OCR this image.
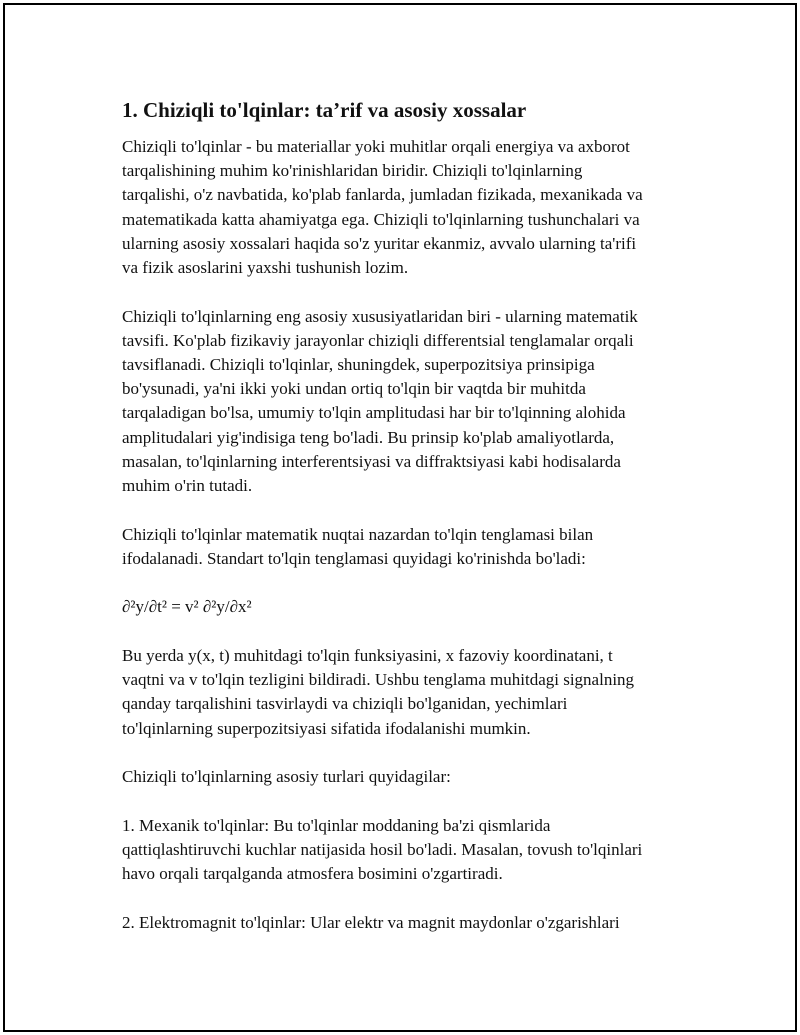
1. Chiziqli to'lqinlar: ta’rif va asosiy xossalar
Chiziqli to'lqinlar - bu materiallar yoki muhitlar orqali energiya va axborot
tarqalishining muhim ko'rinishlaridan biridir. Chiziqli to'lqinlarning
tarqalishi, o'z navbatida, ko'plab fanlarda, jumladan fizikada, mexanikada va
matematikada katta ahamiyatga ega. Chiziqli to'lqinlarning tushunchalari va
ularning asosiy xossalari haqida so'z yuritar ekanmiz, avvalo ularning ta'rifi
va fizik asoslarini yaxshi tushunish lozim.
Chiziqli to'lqinlarning eng asosiy xususiyatlaridan biri - ularning matematik
tavsifi. Ko'plab fizikaviy jarayonlar chiziqli differentsial tenglamalar orqali
tavsiflanadi. Chiziqli to'lqinlar, shuningdek, superpozitsiya prinsipiga
bo'ysunadi, ya'ni ikki yoki undan ortiq to'lqin bir vaqtda bir muhitda
tarqaladigan bo'lsa, umumiy to'lqin amplitudasi har bir to'lqinning alohida
amplitudalari yig'indisiga teng bo'ladi. Bu prinsip ko'plab amaliyotlarda,
masalan, to'lqinlarning interferentsiyasi va diffraktsiyasi kabi hodisalarda
muhim o'rin tutadi.
Chiziqli to'lqinlar matematik nuqtai nazardan to'lqin tenglamasi bilan
ifodalanadi. Standart to'lqin tenglamasi quyidagi ko'rinishda bo'ladi:
∂²y/∂t² = v² ∂²y/∂x²
Bu yerda y(x, t) muhitdagi to'lqin funksiyasini, x fazoviy koordinatani, t
vaqtni va v to'lqin tezligini bildiradi. Ushbu tenglama muhitdagi signalning
qanday tarqalishini tasvirlaydi va chiziqli bo'lganidan, yechimlari
to'lqinlarning superpozitsiyasi sifatida ifodalanishi mumkin.
Chiziqli to'lqinlarning asosiy turlari quyidagilar:
1. Mexanik to'lqinlar: Bu to'lqinlar moddaning ba'zi qismlarida
qattiqlashtiruvchi kuchlar natijasida hosil bo'ladi. Masalan, tovush to'lqinlari
havo orqali tarqalganda atmosfera bosimini o'zgartiradi.
2. Elektromagnit to'lqinlar: Ular elektr va magnit maydonlar o'zgarishlari
